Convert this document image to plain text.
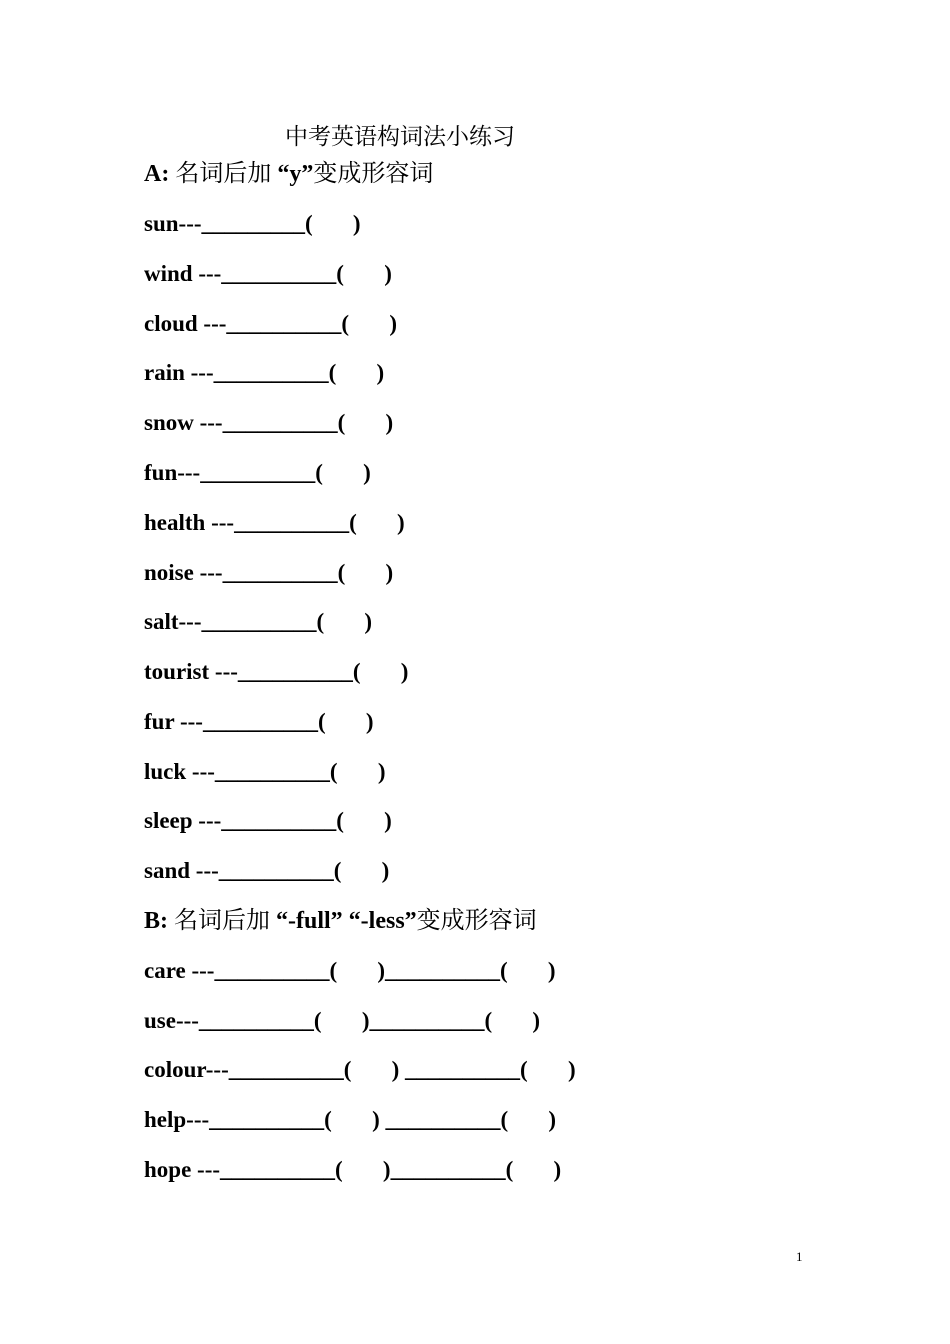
中考英语构词法小练习
A: 名词后加 “y”变成形容词
sun---_________(       )
wind ---__________(       )
cloud ---__________(       )
rain ---__________(       )
snow ---__________(       )
fun---__________(       )
health ---__________(       )
noise ---__________(       )
salt---__________(       )
tourist ---__________(       )
fur ---__________(       )
luck ---__________(       )
sleep ---__________(       )
sand ---__________(       )
B: 名词后加 “-full” “-less”变成形容词
care ---__________(       )__________(       )
use---__________(       )__________(       )
colour---__________(       ) __________(       )
help---__________(       ) __________(       )
hope ---__________(       )__________(       )
1
